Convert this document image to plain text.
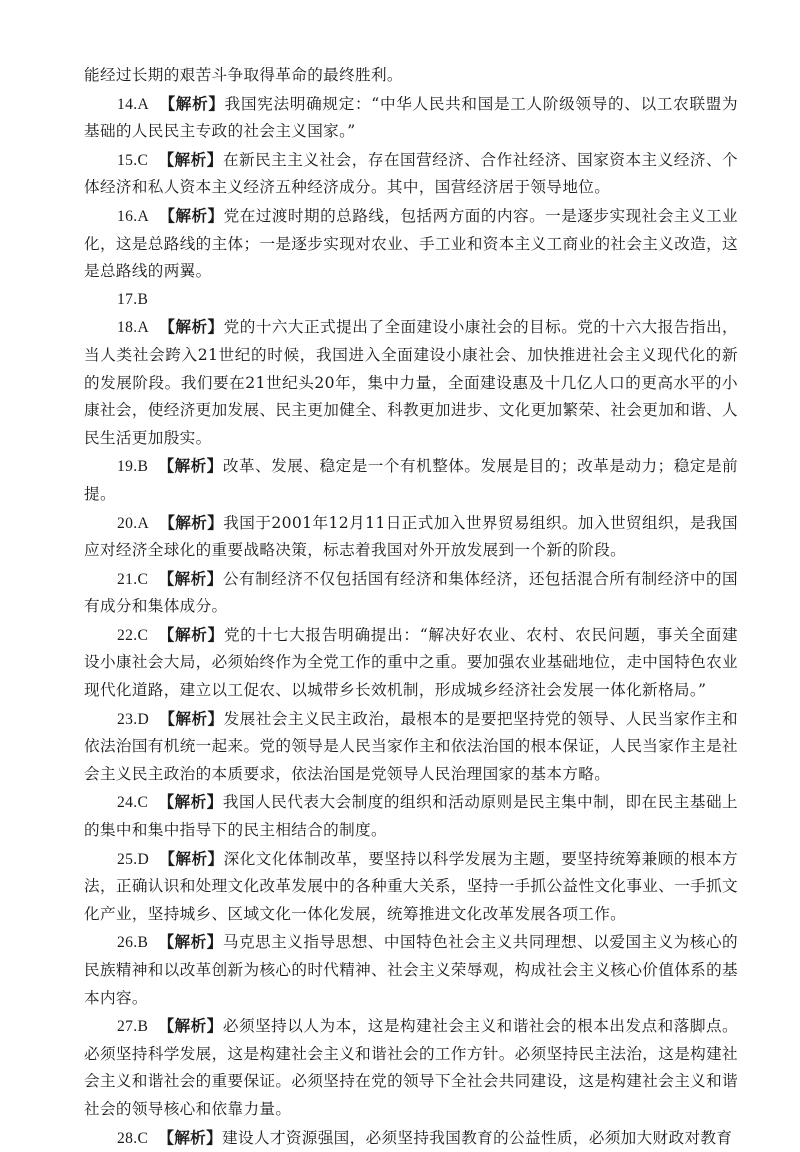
能经过长期的艰苦斗争取得革命的最终胜利。

14.A 【解析】我国宪法明确规定：“中华人民共和国是工人阶级领导的、以工农联盟为基础的人民民主专政的社会主义国家。”

15.C 【解析】在新民主主义社会，存在国营经济、合作社经济、国家资本主义经济、个体经济和私人资本主义经济五种经济成分。其中，国营经济居于领导地位。

16.A 【解析】党在过渡时期的总路线，包括两方面的内容。一是逐步实现社会主义工业化，这是总路线的主体；一是逐步实现对农业、手工业和资本主义工商业的社会主义改造，这是总路线的两翼。

17.B

18.A 【解析】党的十六大正式提出了全面建设小康社会的目标。党的十六大报告指出，当人类社会跨入21世纪的时候，我国进入全面建设小康社会、加快推进社会主义现代化的新的发展阶段。我们要在21世纪头20年，集中力量，全面建设惠及十几亿人口的更高水平的小康社会，使经济更加发展、民主更加健全、科教更加进步、文化更加繁荣、社会更加和谐、人民生活更加殷实。

19.B 【解析】改革、发展、稳定是一个有机整体。发展是目的；改革是动力；稳定是前提。

20.A 【解析】我国于2001年12月11日正式加入世界贸易组织。加入世贸组织，是我国应对经济全球化的重要战略决策，标志着我国对外开放发展到一个新的阶段。

21.C 【解析】公有制经济不仅包括国有经济和集体经济，还包括混合所有制经济中的国有成分和集体成分。

22.C 【解析】党的十七大报告明确提出：“解决好农业、农村、农民问题，事关全面建设小康社会大局，必须始终作为全党工作的重中之重。要加强农业基础地位，走中国特色农业现代化道路，建立以工促农、以城带乡长效机制，形成城乡经济社会发展一体化新格局。”

23.D 【解析】发展社会主义民主政治，最根本的是要把坚持党的领导、人民当家作主和依法治国有机统一起来。党的领导是人民当家作主和依法治国的根本保证，人民当家作主是社会主义民主政治的本质要求，依法治国是党领导人民治理国家的基本方略。

24.C 【解析】我国人民代表大会制度的组织和活动原则是民主集中制，即在民主基础上的集中和集中指导下的民主相结合的制度。

25.D 【解析】深化文化体制改革，要坚持以科学发展为主题，要坚持统筹兼顾的根本方法，正确认识和处理文化改革发展中的各种重大关系，坚持一手抓公益性文化事业、一手抓文化产业，坚持城乡、区域文化一体化发展，统筹推进文化改革发展各项工作。

26.B 【解析】马克思主义指导思想、中国特色社会主义共同理想、以爱国主义为核心的民族精神和以改革创新为核心的时代精神、社会主义荣辱观，构成社会主义核心价值体系的基本内容。

27.B 【解析】必须坚持以人为本，这是构建社会主义和谐社会的根本出发点和落脚点。必须坚持科学发展，这是构建社会主义和谐社会的工作方针。必须坚持民主法治，这是构建社会主义和谐社会的重要保证。必须坚持在党的领导下全社会共同建设，这是构建社会主义和谐社会的领导核心和依靠力量。

28.C 【解析】建设人才资源强国，必须坚持我国教育的公益性质，必须加大财政对教育
